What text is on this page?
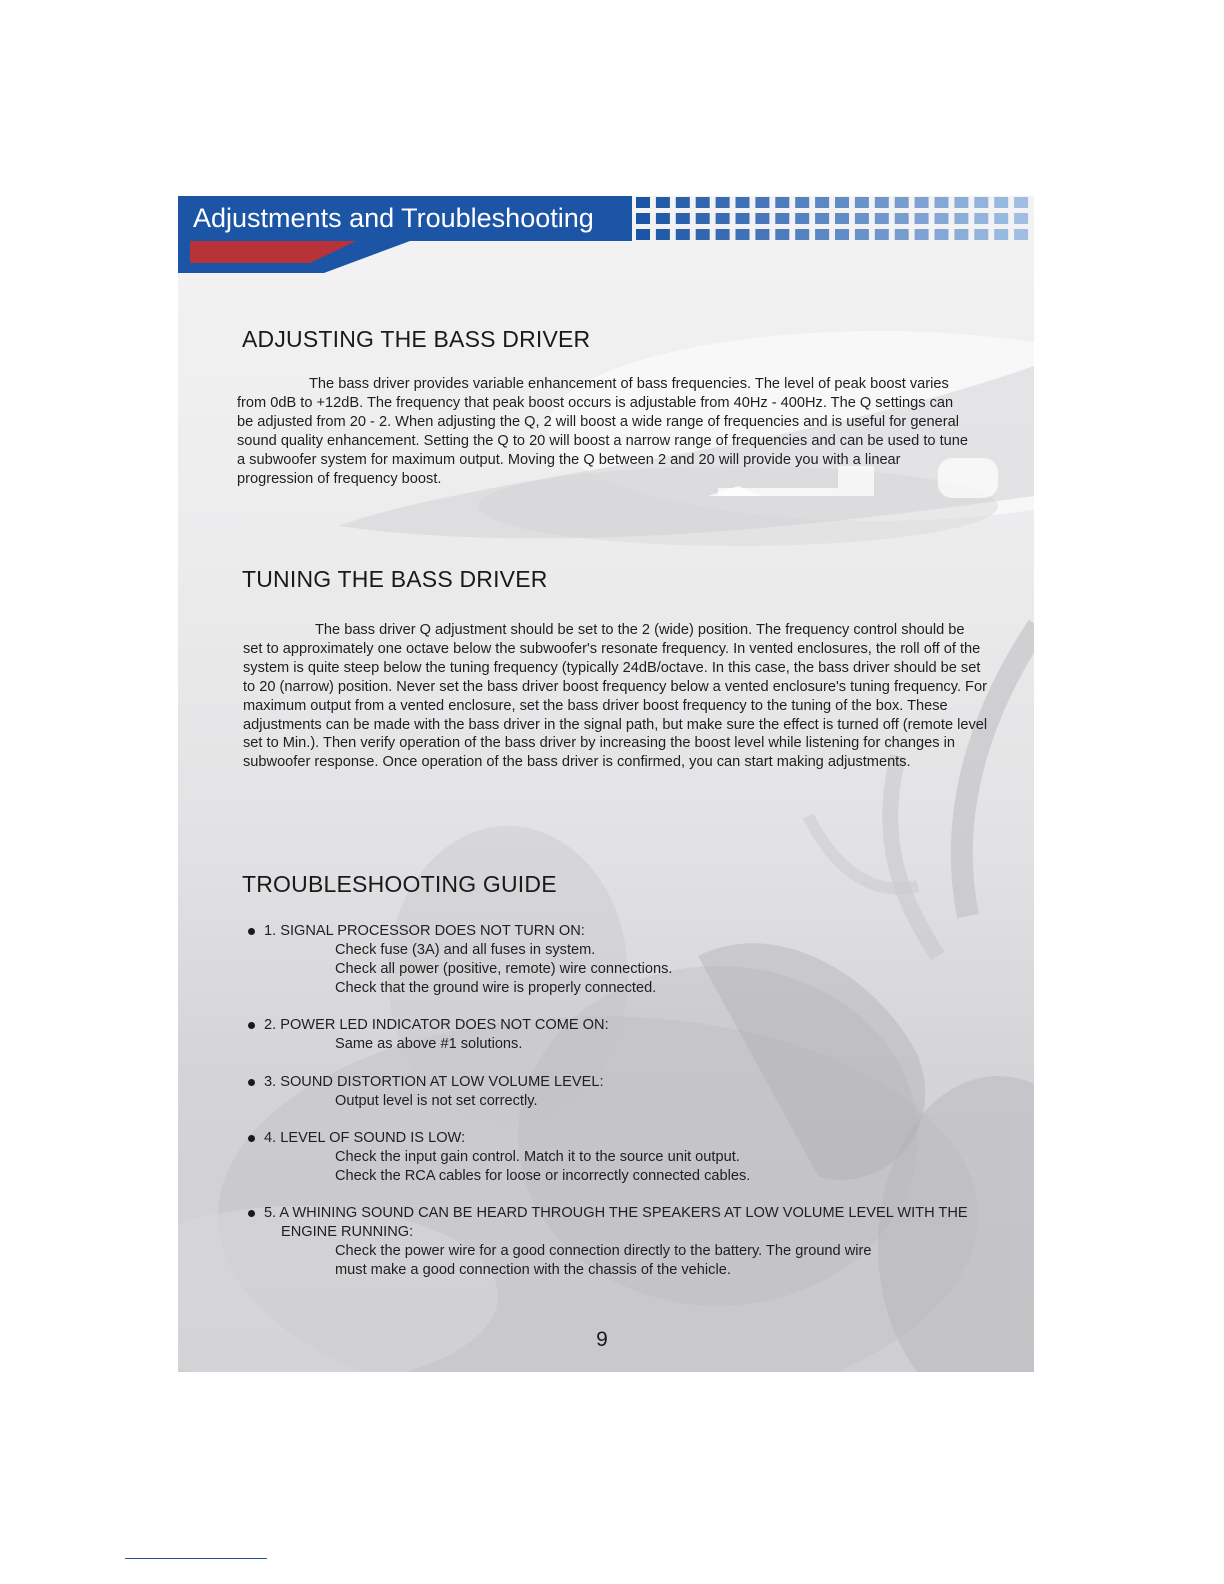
Adjustments and Troubleshooting
ADJUSTING THE BASS DRIVER

The bass driver provides variable enhancement of bass frequencies. The level of peak boost varies from 0dB to +12dB. The frequency that peak boost occurs is adjustable from 40Hz - 400Hz. The Q settings can be adjusted from 20 - 2. When adjusting the Q, 2 will boost a wide range of frequencies and is useful for general sound quality enhancement. Setting the Q to 20 will boost a narrow range of frequencies and can be used to tune a subwoofer system for maximum output. Moving the Q between 2 and 20 will provide you with a linear progression of frequency boost.

TUNING THE BASS DRIVER

The bass driver Q adjustment should be set to the 2 (wide) position. The frequency control should be set to approximately one octave below the subwoofer's resonate frequency. In vented enclosures, the roll off of the system is quite steep below the tuning frequency (typically 24dB/octave. In this case, the bass driver should be set to 20 (narrow) position. Never set the bass driver boost frequency below a vented enclosure's tuning frequency. For maximum output from a vented enclosure, set the bass driver boost frequency to the tuning of the box. These adjustments can be made with the bass driver in the signal path, but make sure the effect is turned off (remote level set to Min.). Then verify operation of the bass driver by increasing the boost level while listening for changes in subwoofer response. Once operation of the bass driver is confirmed, you can start making adjustments.

TROUBLESHOOTING GUIDE
1. SIGNAL PROCESSOR DOES NOT TURN ON:
Check fuse (3A) and all fuses in system.
Check all power (positive, remote) wire connections.
Check that the ground wire is properly connected.
2. POWER LED INDICATOR DOES NOT COME ON:
Same as above #1 solutions.
3. SOUND DISTORTION AT LOW VOLUME LEVEL:
Output level is not set correctly.
4. LEVEL OF SOUND IS LOW:
Check the input gain control. Match it to the source unit output.
Check the RCA cables for loose or incorrectly connected cables.
5. A WHINING SOUND CAN BE HEARD THROUGH THE SPEAKERS AT LOW VOLUME LEVEL WITH THE ENGINE RUNNING:
Check the power wire for a good connection directly to the battery. The ground wire
must make a good connection with the chassis of the vehicle.
9
